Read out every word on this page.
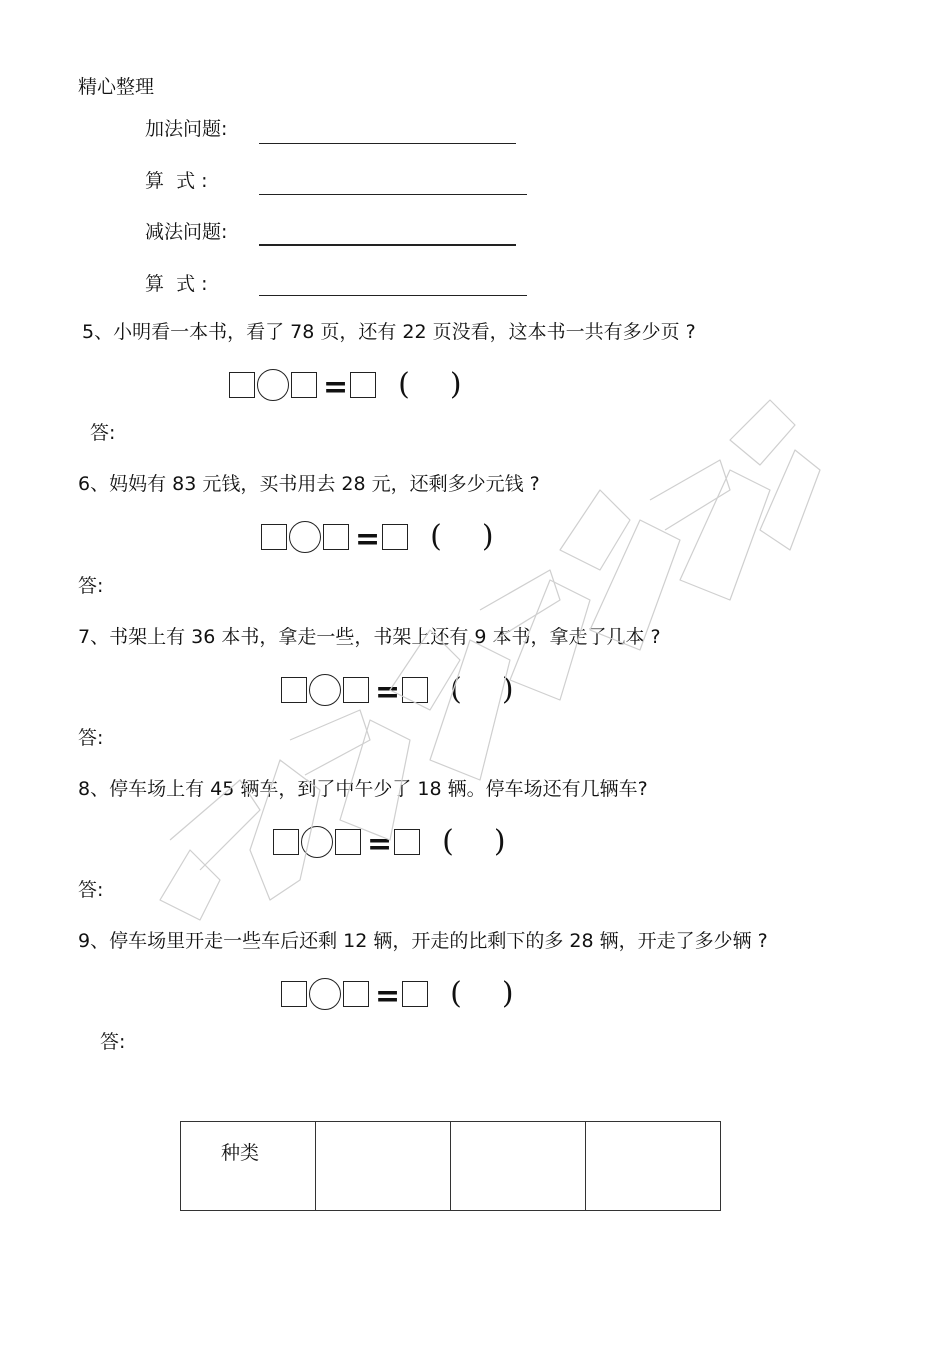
精心整理
加法问题:
算  式 :
减法问题:
算  式 :
5、小明看一本书，看了 78 页，还有 22 页没看，这本书一共有多少页 ?
= ( )
答:
6、妈妈有 83 元钱，买书用去 28 元，还剩多少元钱 ?
= ( )
答:
7、书架上有 36 本书，拿走一些，书架上还有 9 本书，拿走了几本 ?
= ( )
答:
8、停车场上有 45 辆车，到了中午少了 18 辆。停车场还有几辆车?
= ( )
答:
9、停车场里开走一些车后还剩 12 辆，开走的比剩下的多 28 辆，开走了多少辆 ?
= ( )
答:
种类
